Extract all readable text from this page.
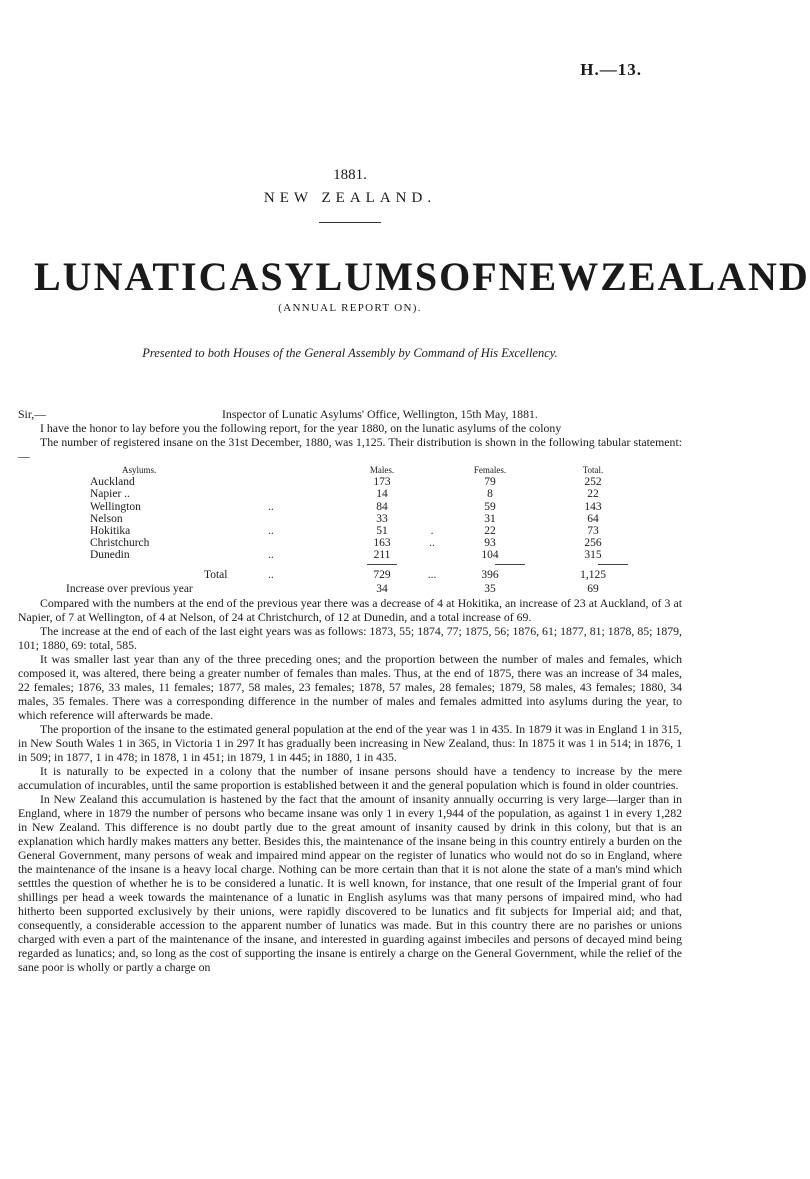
H.—13.
1881.
NEW ZEALAND.
LUNATIC ASYLUMS OF NEW ZEALAND
(ANNUAL REPORT ON).
Presented to both Houses of the General Assembly by Command of His Excellency.
Sir,—	Inspector of Lunatic Asylums' Office, Wellington, 15th May, 1881.

I have the honor to lay before you the following report, for the year 1880, on the lunatic asylums of the colony

The number of registered insane on the 31st December, 1880, was 1,125. Their distribution is shown in the following tabular statement:—

Asylums.	Males.	Females.	Total.
Auckland	173	79	252
Napier ..	14	8	22
Wellington	..	84	59	143
Nelson	33	31	64
Hokitika	..	51	.	22	73
Christchurch	163	..	93	256
Dunedin	..	211	104	315
Total	..	729	...	396	1,125
Increase over previous year	34	35	69

Compared with the numbers at the end of the previous year there was a decrease of 4 at Hokitika, an increase of 23 at Auckland, of 3 at Napier, of 7 at Wellington, of 4 at Nelson, of 24 at Christchurch, of 12 at Dunedin, and a total increase of 69.

The increase at the end of each of the last eight years was as follows: 1873, 55; 1874, 77; 1875, 56; 1876, 61; 1877, 81; 1878, 85; 1879, 101; 1880, 69: total, 585.

It was smaller last year than any of the three preceding ones; and the proportion between the number of males and females, which composed it, was altered, there being a greater number of females than males. Thus, at the end of 1875, there was an increase of 34 males, 22 females; 1876, 33 males, 11 females; 1877, 58 males, 23 females; 1878, 57 males, 28 females; 1879, 58 males, 43 females; 1880, 34 males, 35 females. There was a corresponding difference in the number of males and females admitted into asylums during the year, to which reference will afterwards be made.

The proportion of the insane to the estimated general population at the end of the year was 1 in 435. In 1879 it was in England 1 in 315, in New South Wales 1 in 365, in Victoria 1 in 297 It has gradually been increasing in New Zealand, thus: In 1875 it was 1 in 514; in 1876, 1 in 509; in 1877, 1 in 478; in 1878, 1 in 451; in 1879, 1 in 445; in 1880, 1 in 435.

It is naturally to be expected in a colony that the number of insane persons should have a tendency to increase by the mere accumulation of incurables, until the same proportion is established between it and the general population which is found in older countries.

In New Zealand this accumulation is hastened by the fact that the amount of insanity annually occurring is very large—larger than in England, where in 1879 the number of persons who became insane was only 1 in every 1,944 of the population, as against 1 in every 1,282 in New Zealand. This difference is no doubt partly due to the great amount of insanity caused by drink in this colony, but that is an explanation which hardly makes matters any better. Besides this, the maintenance of the insane being in this country entirely a burden on the General Government, many persons of weak and impaired mind appear on the register of lunatics who would not do so in England, where the maintenance of the insane is a heavy local charge. Nothing can be more certain than that it is not alone the state of a man's mind which setttles the question of whether he is to be considered a lunatic. It is well known, for instance, that one result of the Imperial grant of four shillings per head a week towards the maintenance of a lunatic in English asylums was that many persons of impaired mind, who had hitherto been supported exclusively by their unions, were rapidly discovered to be lunatics and fit subjects for Imperial aid; and that, consequently, a considerable accession to the apparent number of lunatics was made. But in this country there are no parishes or unions charged with even a part of the maintenance of the insane, and interested in guarding against imbeciles and persons of decayed mind being regarded as lunatics; and, so long as the cost of supporting the insane is entirely a charge on the General Government, while the relief of the sane poor is wholly or partly a charge on
